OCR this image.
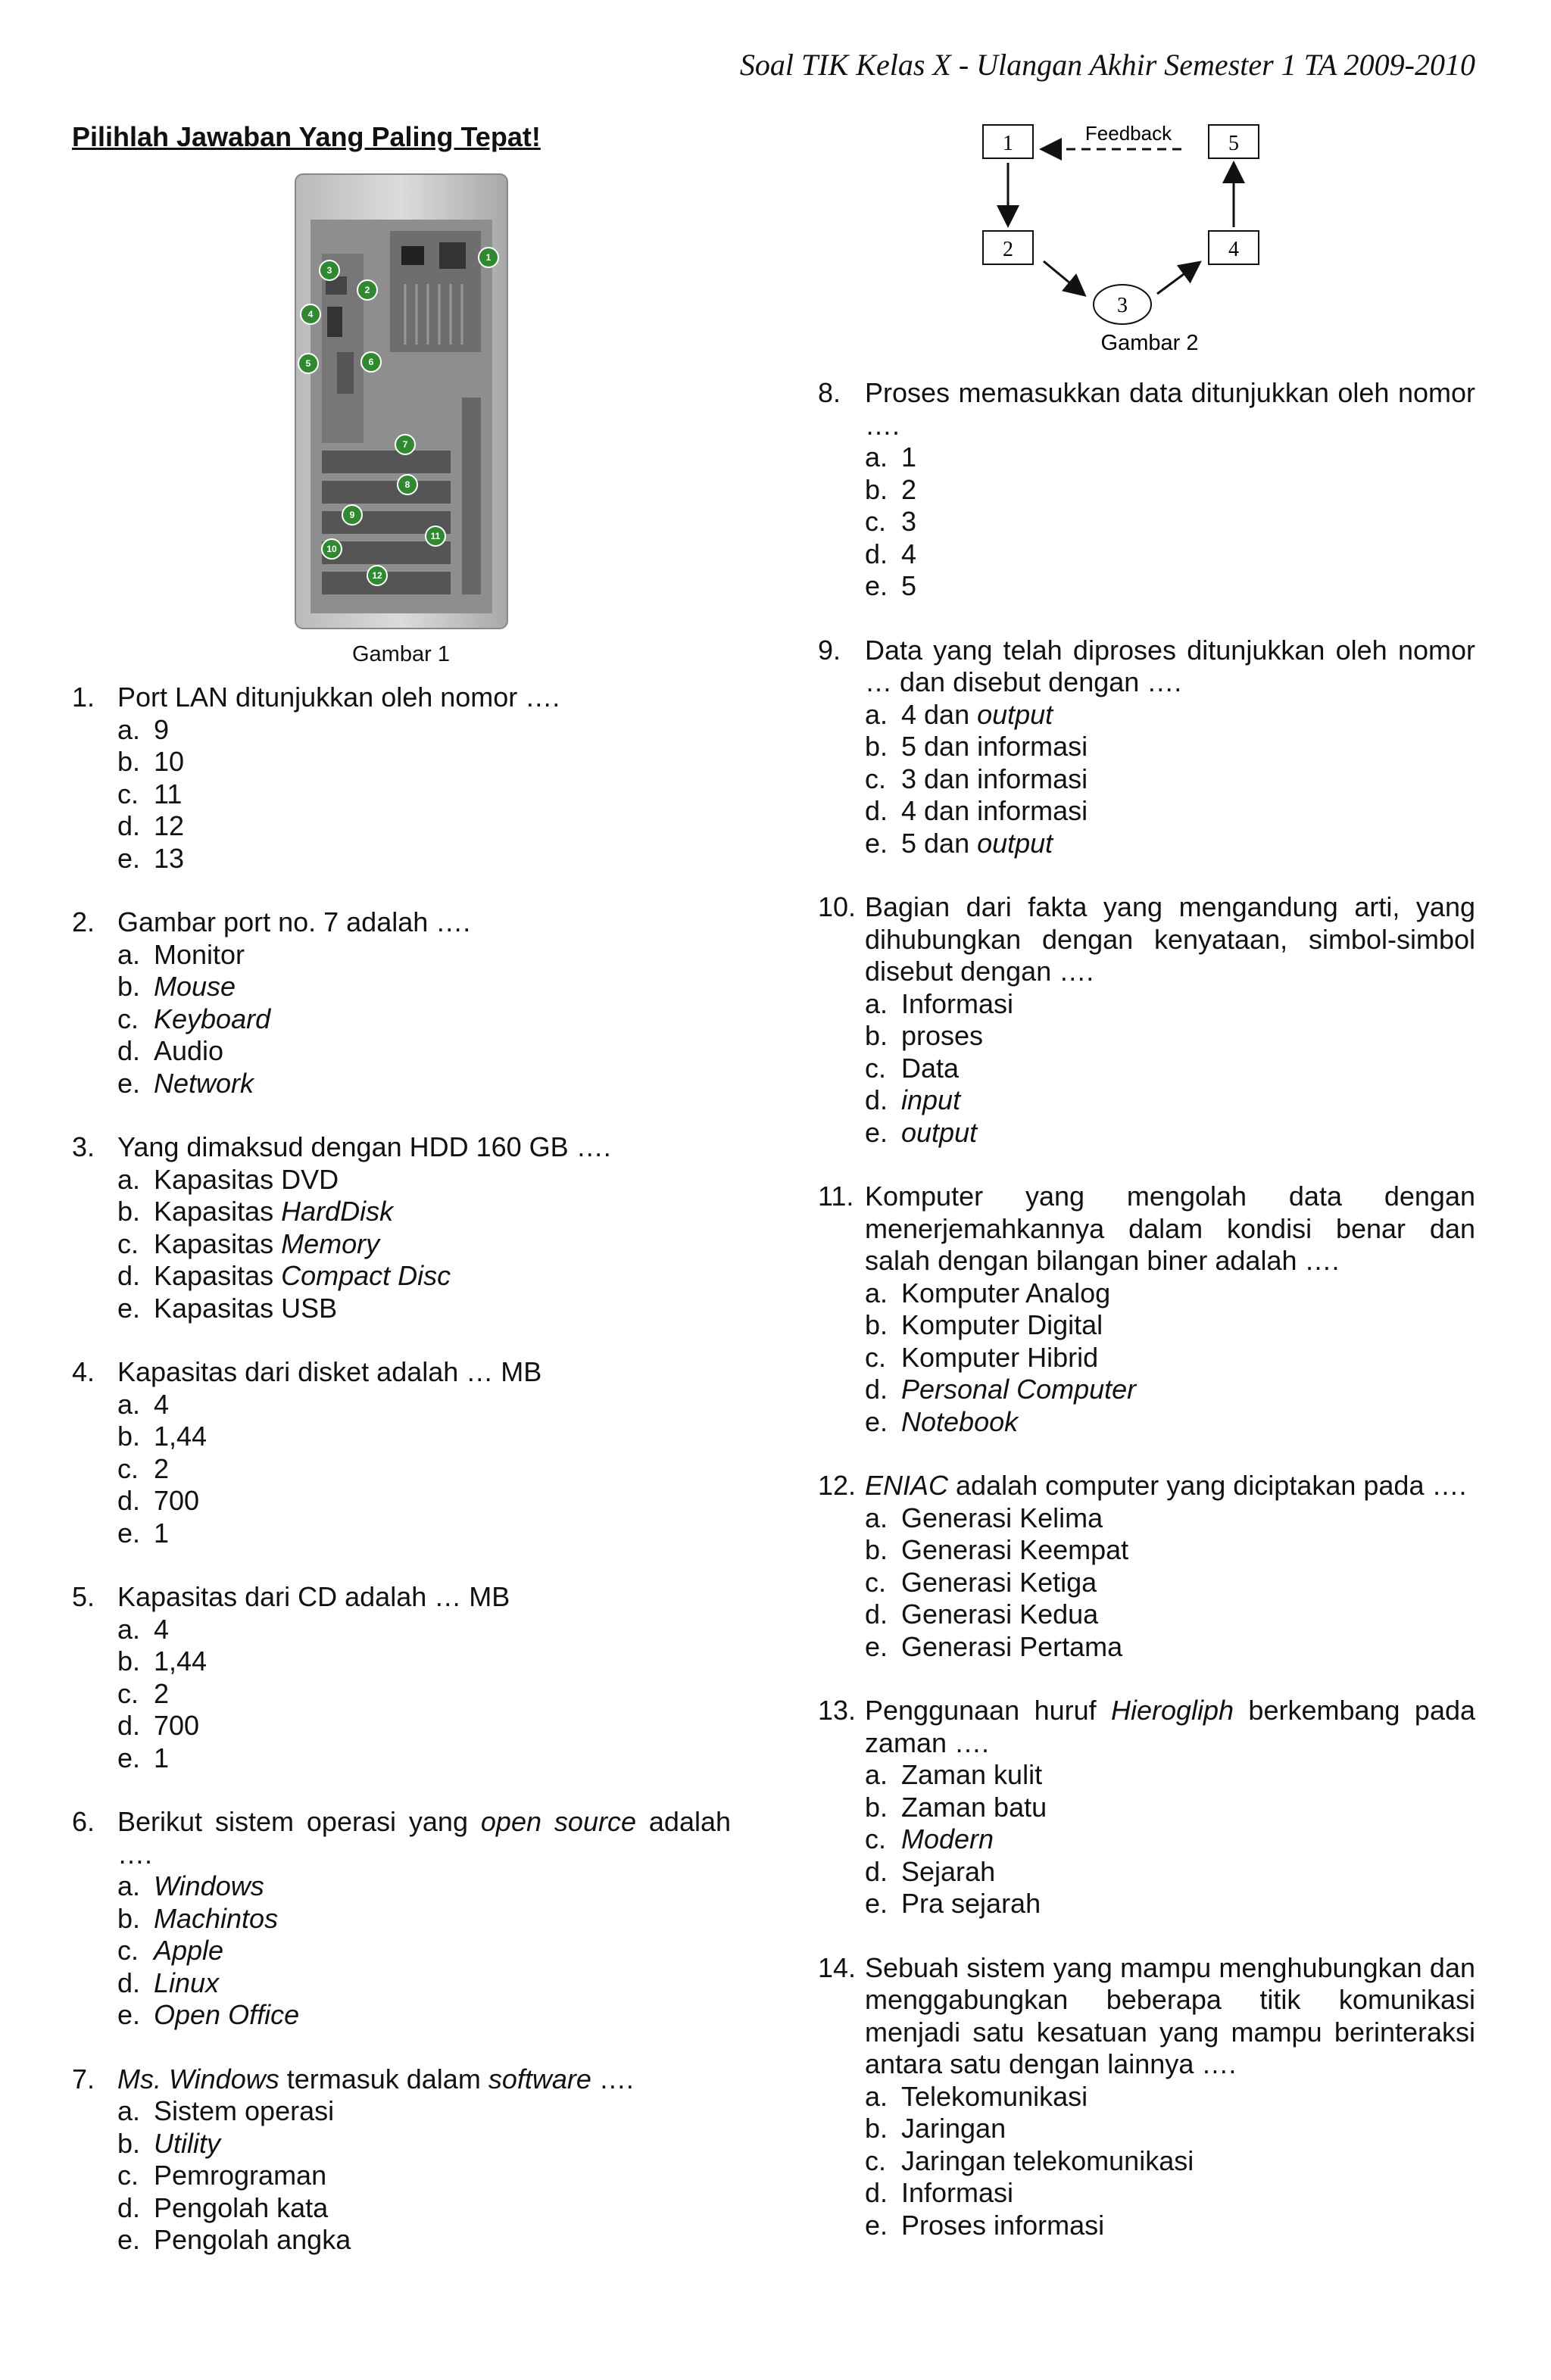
Soal TIK Kelas X - Ulangan Akhir Semester 1 TA 2009-2010
Pilihlah Jawaban Yang Paling Tepat!
1
2
3
4
5	6
7
8
9
10
11
12
Gambar 1
Feedback
1
2
3
4
5
Gambar 2
1. Port LAN ditunjukkan oleh nomor ….
a. 9
b. 10
c. 11
d. 12
e. 13
2. Gambar port no. 7 adalah ….
a. Monitor
b. Mouse
c. Keyboard
d. Audio
e. Network
3. Yang dimaksud dengan HDD 160 GB ….
a. Kapasitas DVD
b. Kapasitas HardDisk
c. Kapasitas Memory
d. Kapasitas Compact Disc
e. Kapasitas USB
4. Kapasitas dari disket adalah … MB
a. 4
b. 1,44
c. 2
d. 700
e. 1
5. Kapasitas dari CD adalah … MB
a. 4
b. 1,44
c. 2
d. 700
e. 1
6. Berikut sistem operasi yang open source adalah ….
a. Windows
b. Machintos
c. Apple
d. Linux
e. Open Office
7. Ms. Windows termasuk dalam software ….
a. Sistem operasi
b. Utility
c. Pemrograman
d. Pengolah kata
e. Pengolah angka
8. Proses memasukkan data ditunjukkan oleh nomor ….
a. 1
b. 2
c. 3
d. 4
e. 5
9. Data yang telah diproses ditunjukkan oleh nomor … dan disebut dengan ….
a. 4 dan output
b. 5 dan informasi
c. 3 dan informasi
d. 4 dan informasi
e. 5 dan output
10. Bagian dari fakta yang mengandung arti, yang dihubungkan dengan kenyataan, simbol-simbol disebut dengan ….
a. Informasi
b. proses
c. Data
d. input
e. output
11. Komputer yang mengolah data dengan menerjemahkannya dalam kondisi benar dan salah dengan bilangan biner adalah ….
a. Komputer Analog
b. Komputer Digital
c. Komputer Hibrid
d. Personal Computer
e. Notebook
12. ENIAC adalah computer yang diciptakan pada ….
a. Generasi Kelima
b. Generasi Keempat
c. Generasi Ketiga
d. Generasi Kedua
e. Generasi Pertama
13. Penggunaan huruf Hierogliph berkembang pada zaman ….
a. Zaman kulit
b. Zaman batu
c. Modern
d. Sejarah
e. Pra sejarah
14. Sebuah sistem yang mampu menghubungkan dan menggabungkan beberapa titik komunikasi menjadi satu kesatuan yang mampu berinteraksi antara satu dengan lainnya ….
a. Telekomunikasi
b. Jaringan
c. Jaringan telekomunikasi
d. Informasi
e. Proses informasi
